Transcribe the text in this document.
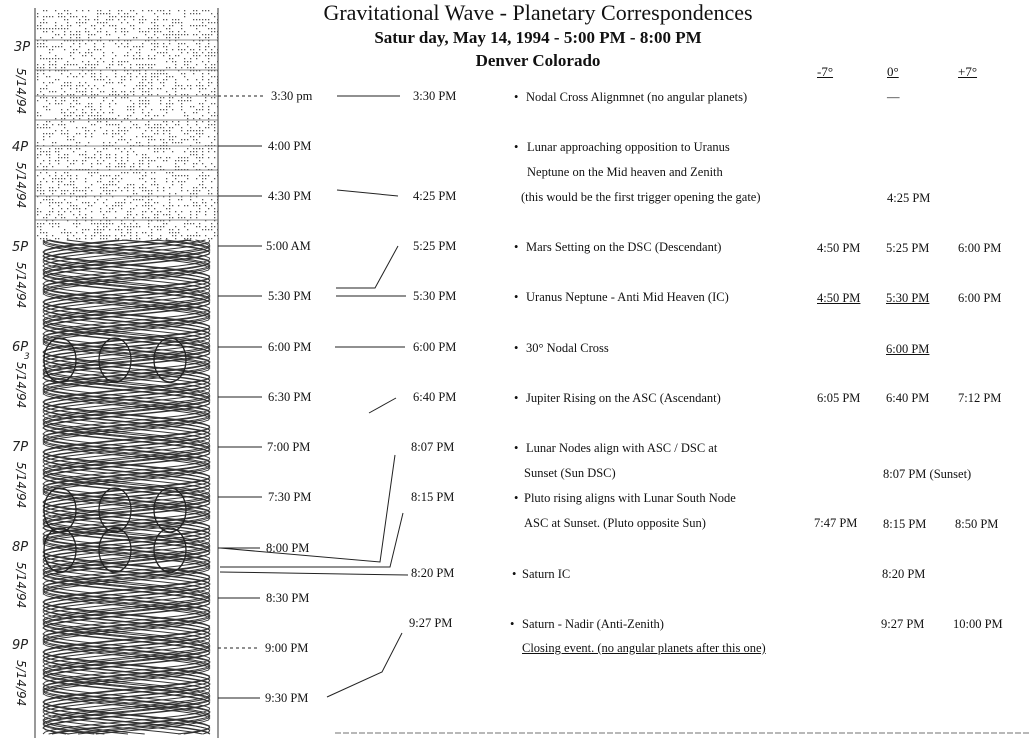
Gravitational Wave - Planetary Correspondences
Satur day, May 14, 1994 - 5:00 PM - 8:00 PM
Denver Colorado
-7°	0°	+7°
3P
4P
5P
6P
3
7P
8P
9P
5/14/94
5/14/94
5/14/94
5/14/94
5/14/94
5/14/94
5/14/94
3:30 pm
4:00 PM
4:30 PM
5:00 AM
5:30 PM
6:00 PM
6:30 PM
7:00 PM
7:30 PM
8:00 PM
8:30 PM
9:00 PM
9:30 PM
3:30 PM
4:25 PM
5:25 PM
5:30 PM
6:00 PM
6:40 PM
8:07 PM
8:15 PM
8:20 PM
9:27 PM
•
•
•
•
•
•
•
•
•
•
Nodal Cross Alignmnet (no angular planets)
Lunar approaching opposition to Uranus
Neptune on the Mid heaven and Zenith
(this would be the first trigger opening the gate)
Mars Setting on the DSC (Descendant)
Uranus Neptune - Anti Mid Heaven (IC)
30° Nodal Cross
Jupiter Rising on the ASC (Ascendant)
Lunar Nodes align with ASC / DSC at
Sunset (Sun DSC)
Pluto rising aligns with Lunar South Node
ASC at Sunset. (Pluto opposite Sun)
Saturn IC
Saturn - Nadir (Anti-Zenith)
Closing event. (no angular planets after this one)
—
4:25 PM
4:50 PM 5:25 PM 6:00 PM
4:50 PM 5:30 PM 6:00 PM
6:00 PM
6:05 PM 6:40 PM 7:12 PM
8:07 PM (Sunset)
7:47 PM 8:15 PM 8:50 PM
8:20 PM
9:27 PM 10:00 PM
